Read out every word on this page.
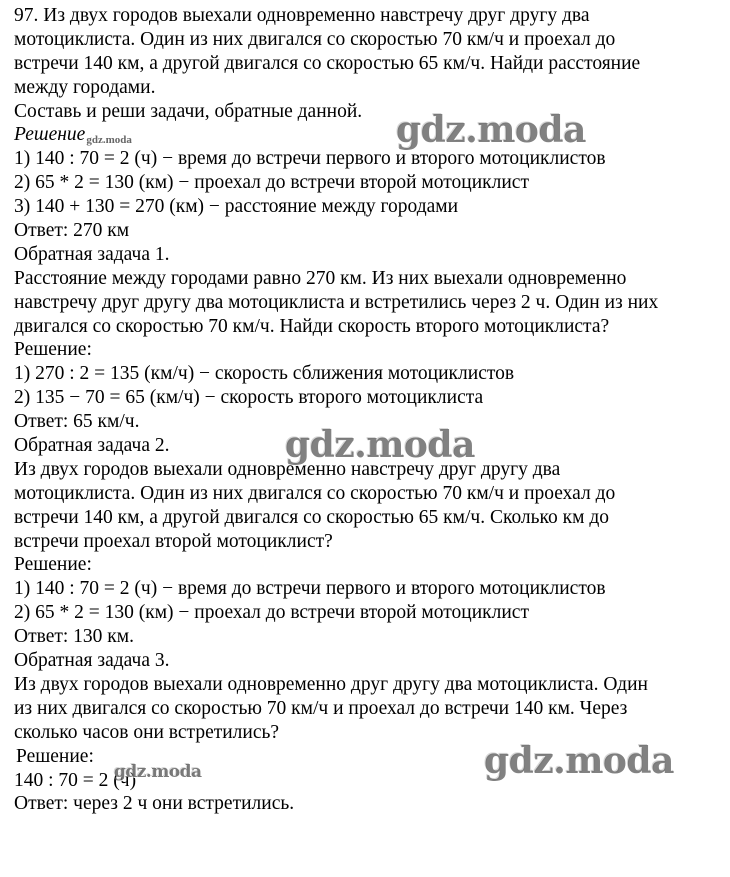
97. Из двух городов выехали одновременно навстречу друг другу два
мотоциклиста. Один из них двигался со скоростью 70 км/ч и проехал до
встречи 140 км, а другой двигался со скоростью 65 км/ч. Найди расстояние
между городами.
Составь и реши задачи, обратные данной.
Решение$_{gdz.moda}$
1) 140 : 70 = 2 (ч) − время до встречи первого и второго мотоциклистов
2) 65 * 2 = 130 (км) − проехал до встречи второй мотоциклист
3) 140 + 130 = 270 (км) − расстояние между городами
Ответ: 270 км
Обратная задача 1.
Расстояние между городами равно 270 км. Из них выехали одновременно
навстречу друг другу два мотоциклиста и встретились через 2 ч. Один из них
двигался со скоростью 70 км/ч. Найди скорость второго мотоциклиста?
Решение:
1) 270 : 2 = 135 (км/ч) − скорость сближения мотоциклистов
2) 135 − 70 = 65 (км/ч) − скорость второго мотоциклиста
Ответ: 65 км/ч.
Обратная задача 2.
Из двух городов выехали одновременно навстречу друг другу два
мотоциклиста. Один из них двигался со скоростью 70 км/ч и проехал до
встречи 140 км, а другой двигался со скоростью 65 км/ч. Сколько км до
встречи проехал второй мотоциклист?
Решение:
1) 140 : 70 = 2 (ч) − время до встречи первого и второго мотоциклистов
2) 65 * 2 = 130 (км) − проехал до встречи второй мотоциклист
Ответ: 130 км.
Обратная задача 3.
Из двух городов выехали одновременно друг другу два мотоциклиста. Один
из них двигался со скоростью 70 км/ч и проехал до встречи 140 км. Через
сколько часов они встретились?
Решение:
140 : 70 = 2 (ч)
Ответ: через 2 ч они встретились.
gdz.moda
gdz.moda
gdz.moda
gdz.moda
